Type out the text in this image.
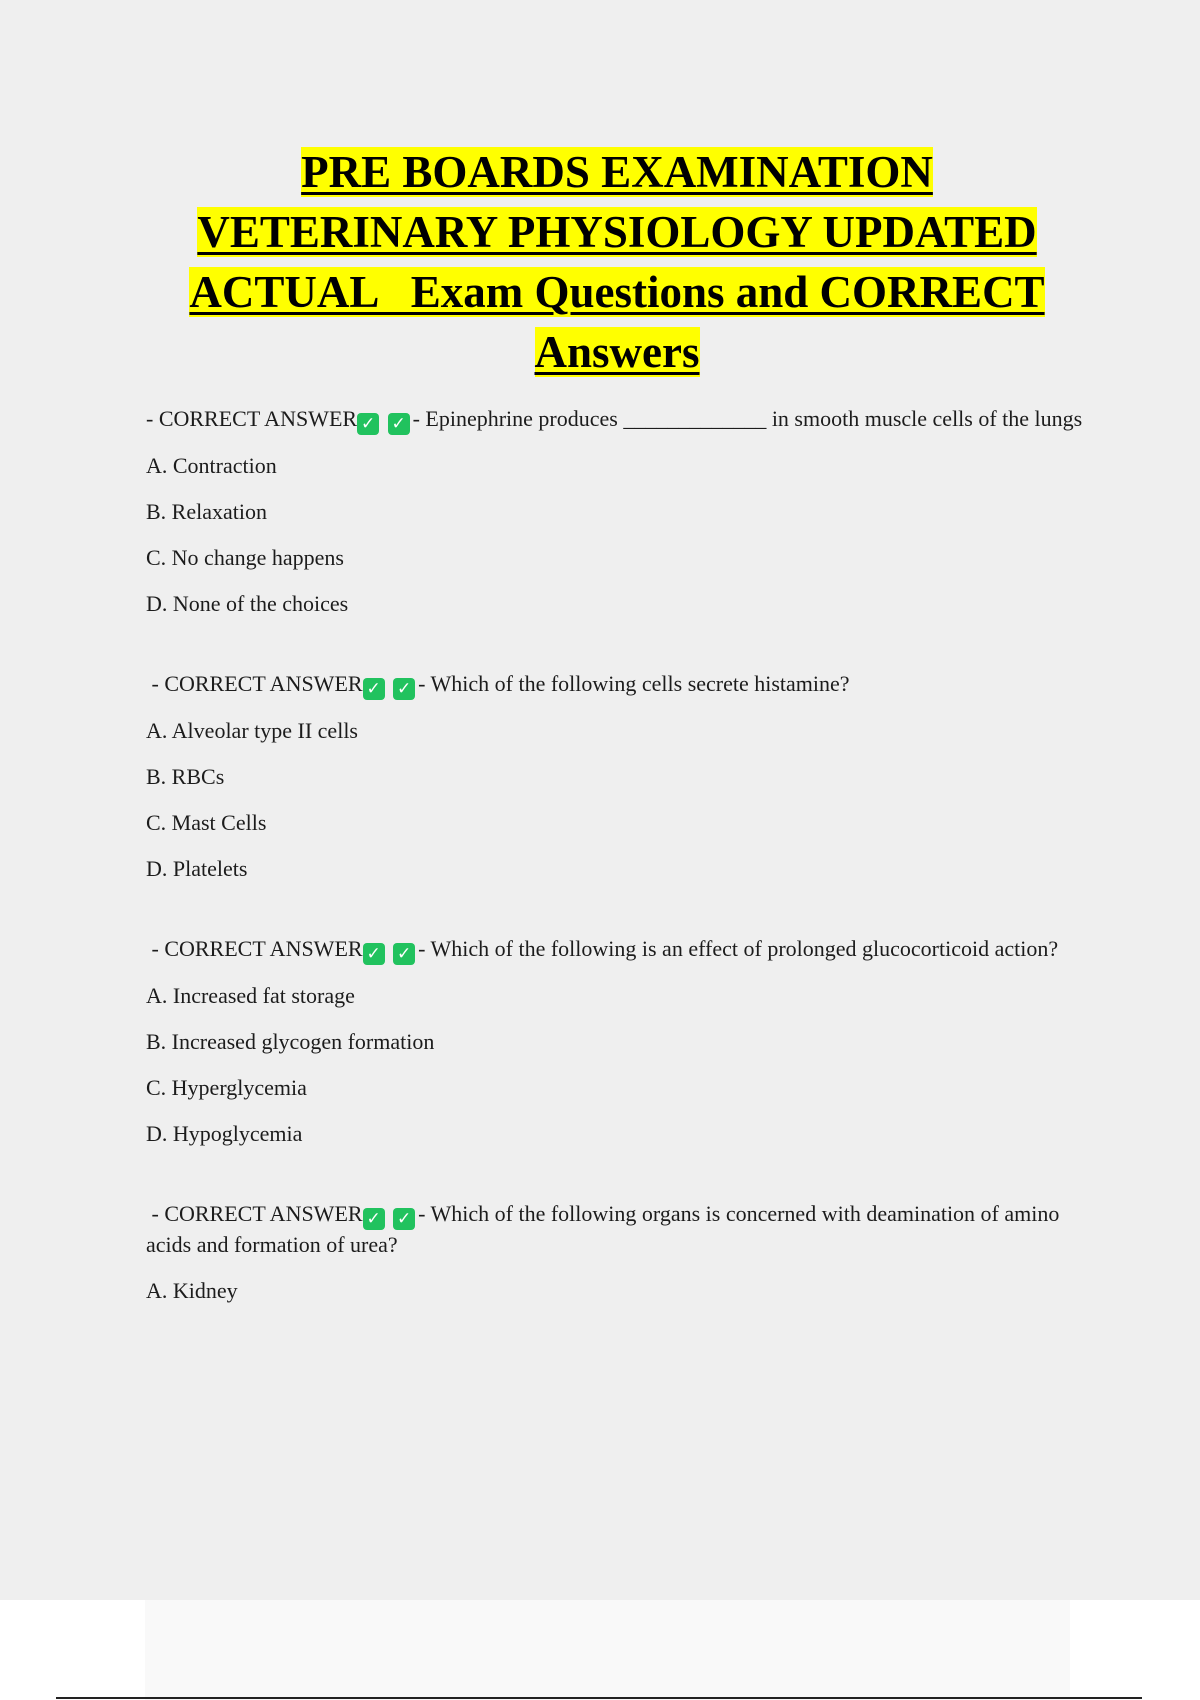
PRE BOARDS EXAMINATION
VETERINARY PHYSIOLOGY UPDATED
ACTUAL   Exam Questions and CORRECT
Answers

- CORRECT ANSWER ✓ ✓ - Epinephrine produces _____________ in smooth muscle cells of the lungs

A. Contraction

B. Relaxation

C. No change happens

D. None of the choices

- CORRECT ANSWER ✓ ✓ - Which of the following cells secrete histamine?

A. Alveolar type II cells

B. RBCs

C. Mast Cells

D. Platelets

- CORRECT ANSWER ✓ ✓ - Which of the following is an effect of prolonged glucocorticoid action?

A. Increased fat storage

B. Increased glycogen formation

C. Hyperglycemia

D. Hypoglycemia

- CORRECT ANSWER ✓ ✓ - Which of the following organs is concerned with deamination of amino acids and formation of urea?

A. Kidney
